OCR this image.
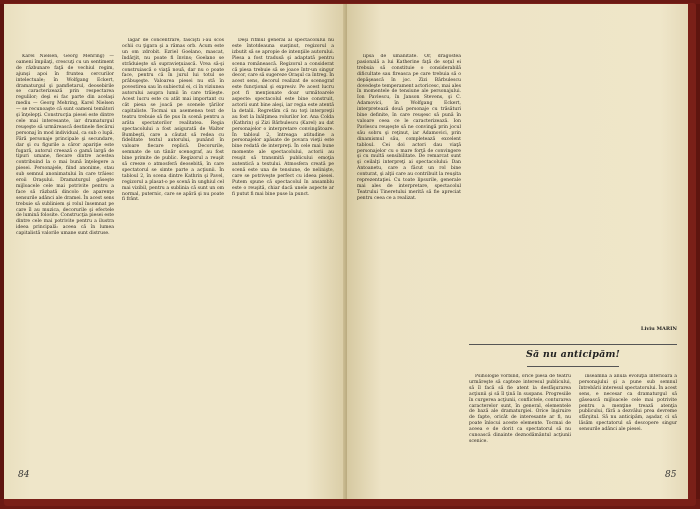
Karel Nielsen, Georg Mehring) — oameni împilaţi, crescuţi cu un sentiment de răzbunare faţă de vechiul regim, ajunşi apoi în fruntea cercurilor intelectuale; în Wolfgang Eckert, dramaturgul şi pamfletarul, deosebirile se caracterizează prin respectarea regulilor; deşi ei fac parte din acelaşi mediu — Georg Mehring, Karel Nielsen — se recunoaşte că sunt oameni temători şi înţelepţi. Construcţia piesei este dintre cele mai interesante, iar dramaturgul reuşeşte să urmărească destinele fiecărui personaj în mod individual, ca sub o lupă. Fără personaje principale şi secundare, dar şi cu figurile a căror apariţie este fugară, autorul creează o gamă largă de tipuri umane, fiecare dintre acestea contribuind la o mai bună înţelegere a piesei. Personajele, fiind anonime, stau sub semnul anonimatului în care trăiesc eroii Oraşului. Dramaturgul găseşte mijloacele cele mai potrivite pentru a face să răzbată dincolo de aparenţe sensurile adânci ale dramei. În acest sens trebuie să subliniem şi rolul însemnat pe care îl au muzica, decorurile şi efectele de lumină folosite. Construcţia piesei este dintre cele mai potrivite pentru a ilustra ideea principală: aceea că în lumea capitalistă valorile umane sunt distruse.

lagăr de concentrare, fascişti i-au scos ochii cu ţigara şi a rămas orb. Acum este un om zdrobit. Ezriel Goelano, mascat, îndârjit, nu poate fi învins; Goelano se străduieşte să supravieţuiască. Vrea să-şi construiască o viaţă nouă, dar nu o poate face, pentru că în jurul lui totul se prăbuşeşte. Valoarea piesei nu stă în povestirea sau în subiectul ei, ci în viziunea autorului asupra lumii în care trăieşte. Acest lucru este cu atât mai important cu cât piesa se joacă pe scenele ţărilor capitaliste. Tocmai un asemenea text de teatru trebuie să fie pus în scenă pentru a arăta spectatorilor realitatea. Regia spectacolului a fost asigurată de Walter Bumbeşti, care a căutat să redea cu fidelitate textul autorului, punând în valoare fiecare replică. Decorurile, semnate de un tânăr scenograf, au fost bine primite de public. Regizorul a reuşit să creeze o atmosferă deosebită, în care spectatorul se simte parte a acţiunii. În tabloul 2, în scena dintre Kathrin şi Pavel, regizorul a plasat-o pe scenă în unghiul cel mai vizibil, pentru a sublinia că sunt un om normal, puternic, care se apără şi nu poate fi frânt.

Deşi ritmul general al spectacolului nu este întotdeauna susţinut, regizorul a izbutit să se apropie de intenţiile autorului. Piesa a fost tradusă şi adaptată pentru scena românească. Regizorul a considerat că piesa trebuie să se joace într-un singur decor, care să sugereze Oraşul ca întreg. În acest sens, decorul realizat de scenograf este funcţional şi expresiv. Pe acest lucru pot fi menţionate doar următoarele aspecte: spectacolul este bine construit, actorii sunt bine aleşi, iar regia este atentă la detalii. Regretăm că nu toţi interpreţii au fost la înălţimea rolurilor lor. Ana Colda (Kathrin) şi Zizi Bărbulescu (Karel) au dat personajelor o interpretare convingătoare. În tabloul 2, întreaga atitudine a personajelor apăsate de povara vieţii este bine redată de interpreţi. În cele mai bune momente ale spectacolului, actorii au reuşit să transmită publicului emoţia autentică a textului. Atmosfera creată pe scenă este una de tensiune, de nelinişte, care se potriveşte perfect cu ideea piesei. Putem spune că spectacolul în ansamblu este o reuşită, chiar dacă unele aspecte ar fi putut fi mai bine puse la punct.

84

lipsă de umanitate. Or, dragostea pasională a lui Katherine faţă de soţul ei trebuia să constituie o considerabilă dificultate sau fireasca pe care trebuia să o depăşească în joc. Zizi Bărbulescu dovedeşte temperament actoricesc, mai ales în momentele de tensiune ale personajului. Ion Pavlescu, în Janson Stevens, şi C. Adamovici, în Wolfgang Eckert, interpretează două personaje cu trăsături bine definite, în care reuşesc să pună în valoare ceea ce le caracterizează. Ion Pavlescu reuşeşte să ne convingă prin jocul său sobru şi reţinut, iar Adamovici, prin dinamismul său, completează excelent tabloul. Cei doi actori dau viaţă personajelor cu o mare forţă de convingere şi cu multă sensibilitate. De remarcat sunt şi ceilalţi interpreţi ai spectacolului: Dan Antoanetu, care a făcut un rol bine conturat, şi alţii care au contribuit la reuşita reprezentaţiei. Cu toate lipsurile, generale mai ales de interpretare, spectacolul Teatrului Tineretului merită să fie apreciat pentru ceea ce a realizat.

Liviu MARIN
Să nu anticipăm!

Psihologie vorbind, orice piesă de teatru urmăreşte să capteze interesul publicului, să îl facă să fie atent la desfăşurarea acţiunii şi să îl ţină în suspans. Progresiile în curgerea acţiunii, conflictele, conturarea caracterelor sunt, în general, elementele de bază ale dramaturgiei. Orice înşiruire de fapte, oricât de interesante ar fi, nu poate înlocui aceste elemente. Tocmai de aceea e de dorit ca spectatorul să nu cunoască dinainte deznodământul acţiunii scenice.

înseamnă a anula evoluţia interioară a personajului şi a pune sub semnul întrebării interesul spectatorului. În acest sens, e necesar ca dramaturgul să găsească mijloacele cele mai potrivite pentru a menţine trează atenţia publicului, fără a dezvălui prea devreme sfârşitul. Să nu anticipăm, aşadar, ci să lăsăm spectatorul să descopere singur sensurile adânci ale piesei.

85
